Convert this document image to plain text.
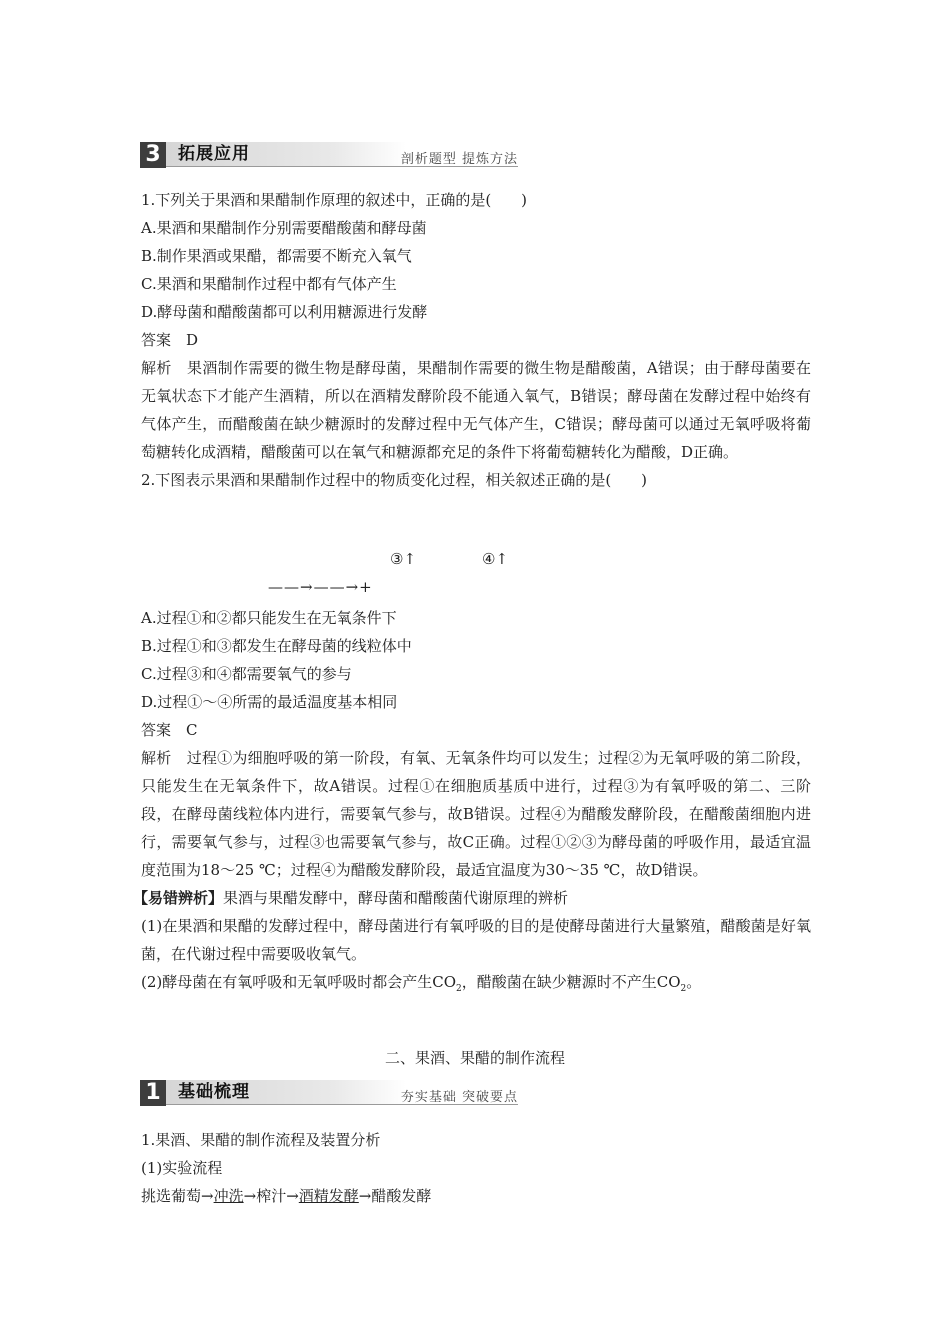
3	拓展应用	剖析题型 提炼方法

1.下列关于果酒和果醋制作原理的叙述中，正确的是(　　)

A.果酒和果醋制作分别需要醋酸菌和酵母菌

B.制作果酒或果醋，都需要不断充入氧气

C.果酒和果醋制作过程中都有气体产生

D.酵母菌和醋酸菌都可以利用糖源进行发酵

答案　 D

解析　 果酒制作需要的微生物是酵母菌，果醋制作需要的微生物是醋酸菌，A错误；由于酵母菌要在无氧状态下才能产生酒精，所以在酒精发酵阶段不能通入氧气，B错误；酵母菌在发酵过程中始终有气体产生，而醋酸菌在缺少糖源时的发酵过程中无气体产生，C错误；酵母菌可以通过无氧呼吸将葡萄糖转化成酒精，醋酸菌可以在氧气和糖源都充足的条件下将葡萄糖转化为醋酸，D正确。

2.下图表示果酒和果醋制作过程中的物质变化过程，相关叙述正确的是(　　)

③↑	④↑
——→——→+

A.过程①和②都只能发生在无氧条件下

B.过程①和③都发生在酵母菌的线粒体中

C.过程③和④都需要氧气的参与

D.过程①～④所需的最适温度基本相同

答案　 C

解析　 过程①为细胞呼吸的第一阶段，有氧、无氧条件均可以发生；过程②为无氧呼吸的第二阶段，只能发生在无氧条件下，故A错误。过程①在细胞质基质中进行，过程③为有氧呼吸的第二、三阶段，在酵母菌线粒体内进行，需要氧气参与，故B错误。过程④为醋酸发酵阶段，在醋酸菌细胞内进行，需要氧气参与，过程③也需要氧气参与，故C正确。过程①②③为酵母菌的呼吸作用，最适宜温度范围为18～25 ℃；过程④为醋酸发酵阶段，最适宜温度为30～35 ℃，故D错误。

【易错辨析】果酒与果醋发酵中，酵母菌和醋酸菌代谢原理的辨析

(1)在果酒和果醋的发酵过程中，酵母菌进行有氧呼吸的目的是使酵母菌进行大量繁殖，醋酸菌是好氧菌，在代谢过程中需要吸收氧气。

(2)酵母菌在有氧呼吸和无氧呼吸时都会产生$CO_2$，醋酸菌在缺少糖源时不产生$CO_2$。

二、果酒、果醋的制作流程
1	基础梳理	夯实基础 突破要点

1.果酒、果醋的制作流程及装置分析

(1)实验流程

挑选葡萄→冲洗→榨汁→酒精发酵→醋酸发酵
